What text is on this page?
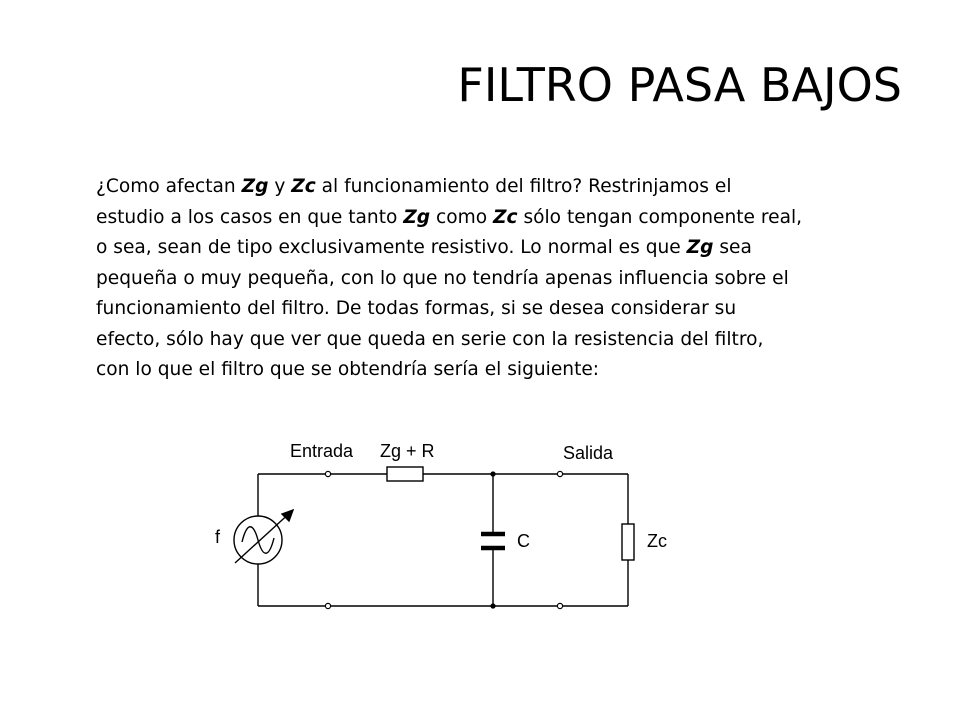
FILTRO PASA BAJOS
¿Como afectan Zg y Zc al funcionamiento del filtro? Restrinjamos el
estudio a los casos en que tanto Zg como Zc sólo tengan componente real,
o sea, sean de tipo exclusivamente resistivo. Lo normal es que Zg sea
pequeña o muy pequeña, con lo que no tendría apenas influencia sobre el
funcionamiento del filtro. De todas formas, si se desea considerar su
efecto, sólo hay que ver que queda en serie con la resistencia del filtro,
con lo que el filtro que se obtendría sería el siguiente:
Entrada Zg + R	Salida
f	C	Zc
